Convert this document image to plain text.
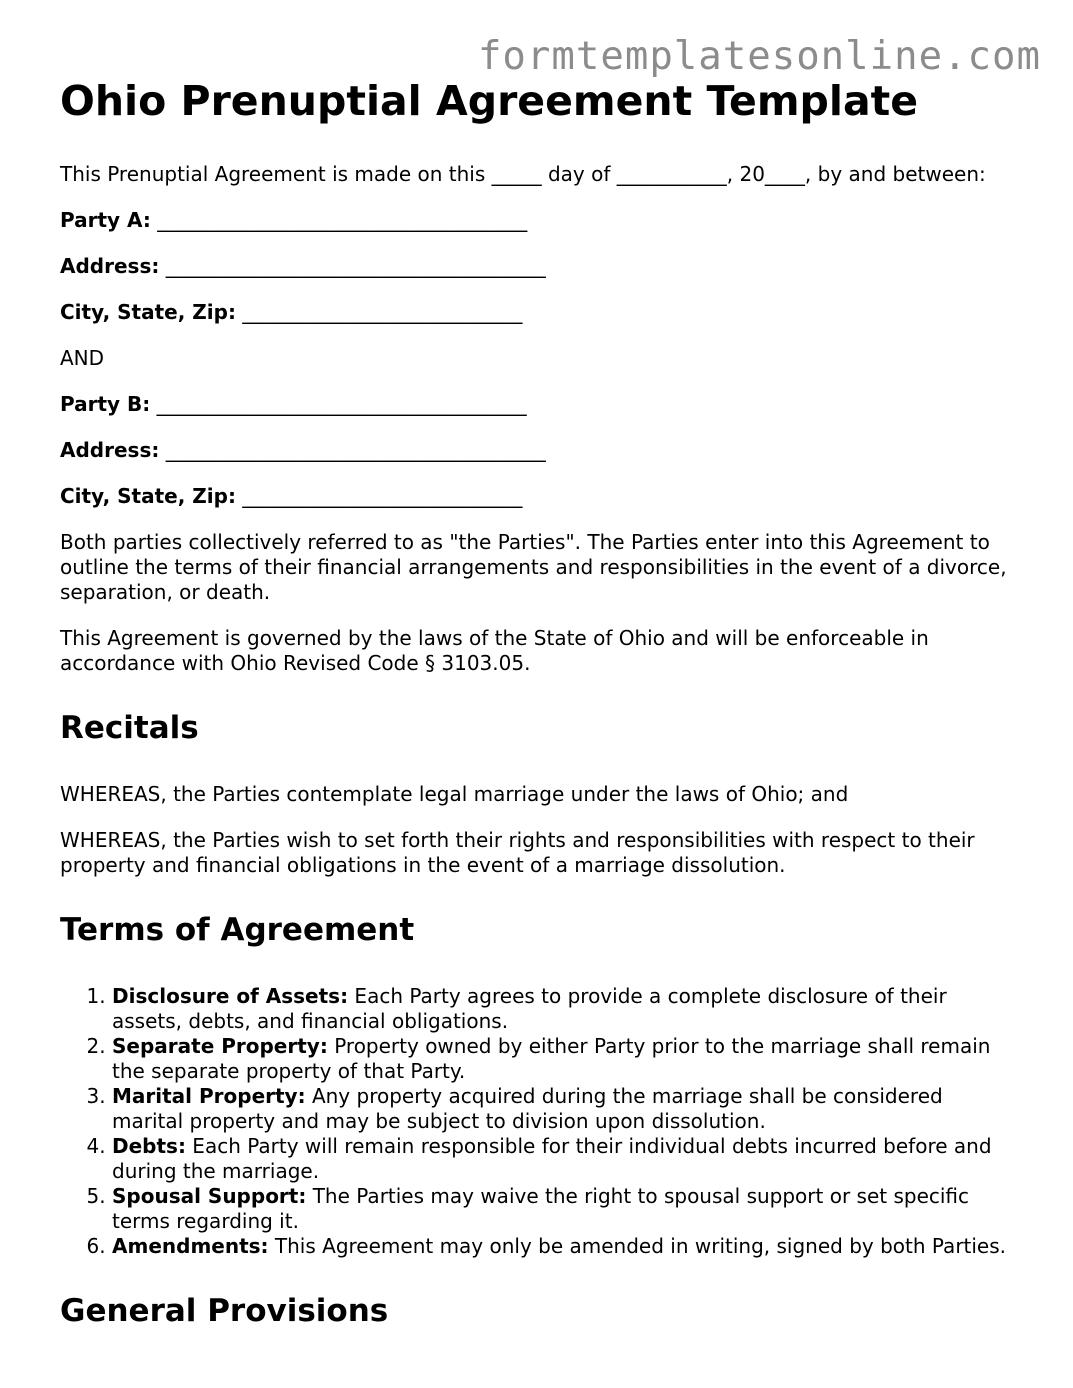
formtemplatesonline.com
Ohio Prenuptial Agreement Template

This Prenuptial Agreement is made on this _____ day of ___________, 20____, by and between:

Party A: _____________________________________

Address: ______________________________________

City, State, Zip: ____________________________

AND

Party B: _____________________________________

Address: ______________________________________

City, State, Zip: ____________________________

Both parties collectively referred to as "the Parties". The Parties enter into this Agreement to outline the terms of their financial arrangements and responsibilities in the event of a divorce, separation, or death.

This Agreement is governed by the laws of the State of Ohio and will be enforceable in accordance with Ohio Revised Code § 3103.05.

Recitals

WHEREAS, the Parties contemplate legal marriage under the laws of Ohio; and

WHEREAS, the Parties wish to set forth their rights and responsibilities with respect to their property and financial obligations in the event of a marriage dissolution.

Terms of Agreement
1. Disclosure of Assets: Each Party agrees to provide a complete disclosure of their assets, debts, and financial obligations.
2. Separate Property: Property owned by either Party prior to the marriage shall remain the separate property of that Party.
3. Marital Property: Any property acquired during the marriage shall be considered marital property and may be subject to division upon dissolution.
4. Debts: Each Party will remain responsible for their individual debts incurred before and during the marriage.
5. Spousal Support: The Parties may waive the right to spousal support or set specific terms regarding it.
6. Amendments: This Agreement may only be amended in writing, signed by both Parties.
General Provisions
